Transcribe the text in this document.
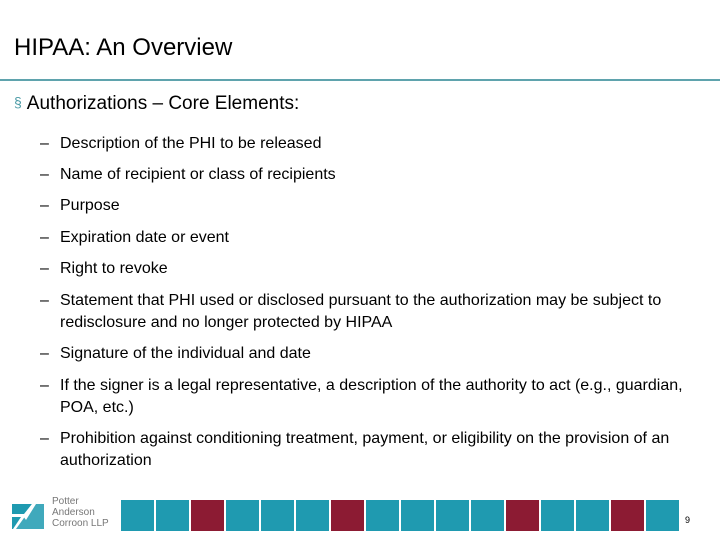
HIPAA: An Overview
§ Authorizations – Core Elements:
– Description of the PHI to be released
– Name of recipient or class of recipients
– Purpose
– Expiration date or event
– Right to revoke
– Statement that PHI used or disclosed pursuant to the authorization may be subject to redisclosure and no longer protected by HIPAA
– Signature of the individual and date
– If the signer is a legal representative, a description of the authority to act (e.g., guardian, POA, etc.)
– Prohibition against conditioning treatment, payment, or eligibility on the provision of an authorization
Potter
Anderson
Corroon LLP	9
